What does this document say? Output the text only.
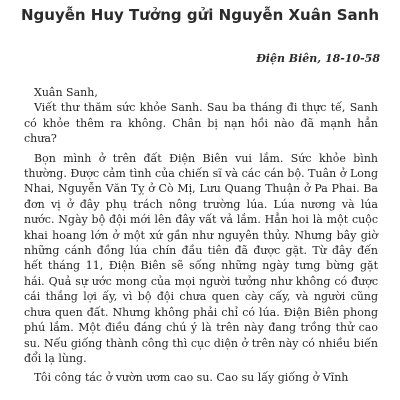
Nguyễn Huy Tưởng gửi Nguyễn Xuân Sanh

Điện Biên, 18-10-58

Xuân Sanh,

Viết thư thăm sức khỏe Sanh. Sau ba tháng đi thực tế, Sanh có khỏe thêm ra không. Chân bị nạn hồi nào đã mạnh hẳn chưa?

Bọn mình ở trên đất Điện Biên vui lắm. Sức khỏe bình thường. Được cảm tình của chiến sĩ và các cán bộ. Tuân ở Long Nhai, Nguyễn Văn Tỵ ở Cò Mị, Lưu Quang Thuận ở Pa Phai. Ba đơn vị ở đây phụ trách nông trường lúa. Lúa nương và lúa nước. Ngày bộ đội mới lên đây vất vả lắm. Hẳn hoi là một cuộc khai hoang lớn ở một xứ gần như nguyên thủy. Nhưng bây giờ những cánh đồng lúa chín đầu tiên đã được gặt. Từ đây đến hết tháng 11, Điện Biên sẽ sống những ngày tưng bừng gặt hái. Quả sự ước mong của mọi người tưởng như không có được cái thắng lợi ấy, vì bộ đội chưa quen cày cấy, và người cũng chưa quen đất. Nhưng không phải chỉ có lúa. Điện Biên phong phú lắm. Một điều đáng chú ý là trên này đang trồng thử cao su. Nếu giống thành công thì cục diện ở trên này có nhiều biến đổi lạ lùng.

Tôi công tác ở vườn ươm cao su. Cao su lấy giống ở Vĩnh
